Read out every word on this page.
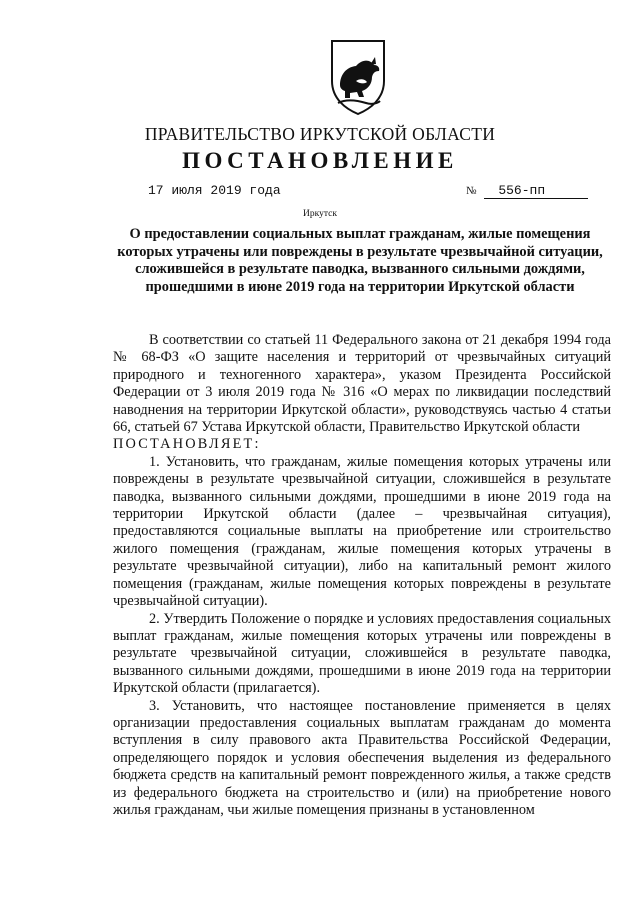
ПРАВИТЕЛЬСТВО ИРКУТСКОЙ ОБЛАСТИ
ПОСТАНОВЛЕНИЕ
17 июля 2019 года	№ 556-пп
Иркутск
О предоставлении социальных выплат гражданам, жилые помещения которых утрачены или повреждены в результате чрезвычайной ситуации, сложившейся в результате паводка, вызванного сильными дождями, прошедшими в июне 2019 года на территории Иркутской области

В соответствии со статьей 11 Федерального закона от 21 декабря 1994 года № 68-ФЗ «О защите населения и территорий от чрезвычайных ситуаций природного и техногенного характера», указом Президента Российской Федерации от 3 июля 2019 года № 316 «О мерах по ликвидации последствий наводнения на территории Иркутской области», руководствуясь частью 4 статьи 66, статьей 67 Устава Иркутской области, Правительство Иркутской области

ПОСТАНОВЛЯЕТ:

1. Установить, что гражданам, жилые помещения которых утрачены или повреждены в результате чрезвычайной ситуации, сложившейся в результате паводка, вызванного сильными дождями, прошедшими в июне 2019 года на территории Иркутской области (далее – чрезвычайная ситуация), предоставляются социальные выплаты на приобретение или строительство жилого помещения (гражданам, жилые помещения которых утрачены в результате чрезвычайной ситуации), либо на капитальный ремонт жилого помещения (гражданам, жилые помещения которых повреждены в результате чрезвычайной ситуации).

2. Утвердить Положение о порядке и условиях предоставления социальных выплат гражданам, жилые помещения которых утрачены или повреждены в результате чрезвычайной ситуации, сложившейся в результате паводка, вызванного сильными дождями, прошедшими в июне 2019 года на территории Иркутской области (прилагается).

3. Установить, что настоящее постановление применяется в целях организации предоставления социальных выплатам гражданам до момента вступления в силу правового акта Правительства Российской Федерации, определяющего порядок и условия обеспечения выделения из федерального бюджета средств на капитальный ремонт поврежденного жилья, а также средств из федерального бюджета на строительство и (или) на приобретение нового жилья гражданам, чьи жилые помещения признаны в установленном
